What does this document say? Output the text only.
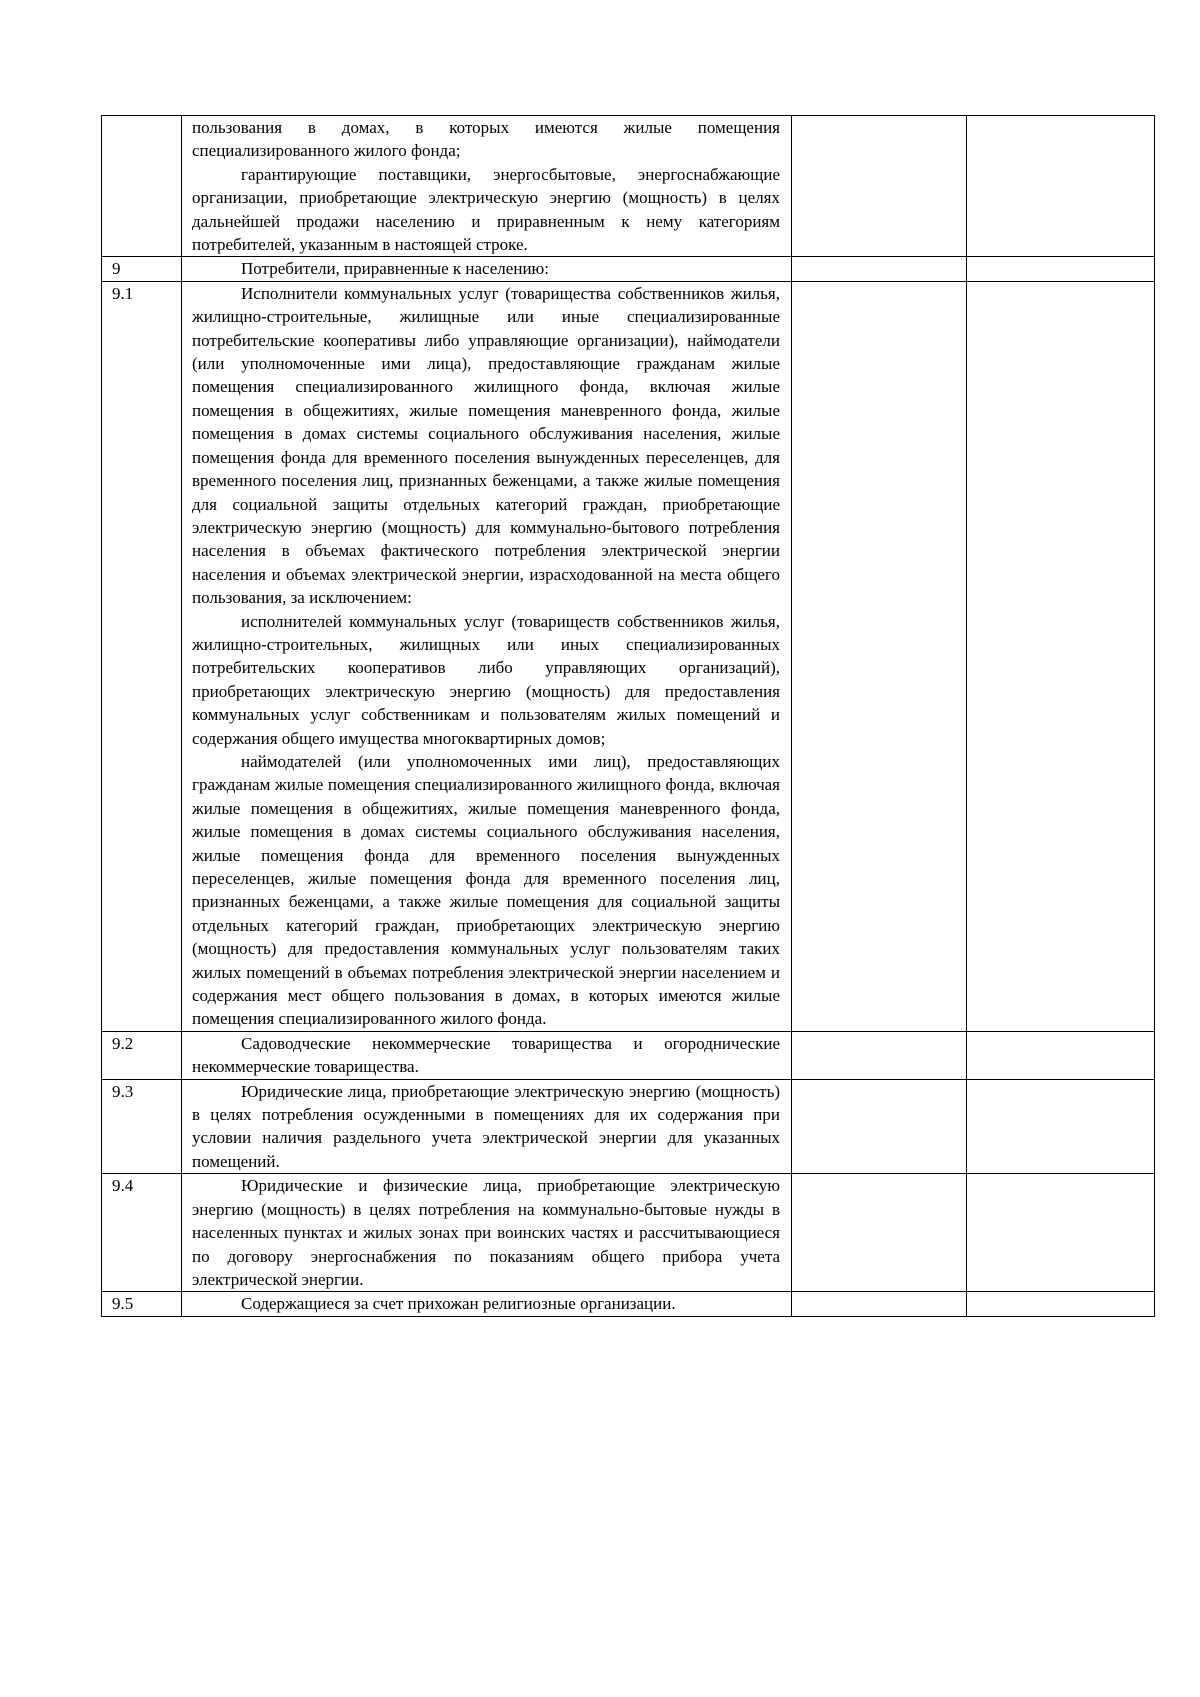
	пользования в домах, в которых имеются жилые помещения специализированного жилого фонда;

гарантирующие поставщики, энергосбытовые, энергоснабжающие организации, приобретающие электрическую энергию (мощность) в целях дальнейшей продажи населению и приравненным к нему категориям потребителей, указанным в настоящей строке.		

9	Потребители, приравненные к населению:		

9.1	Исполнители коммунальных услуг (товарищества собственников жилья, жилищно-строительные, жилищные или иные специализированные потребительские кооперативы либо управляющие организации), наймодатели (или уполномоченные ими лица), предоставляющие гражданам жилые помещения специализированного жилищного фонда, включая жилые помещения в общежитиях, жилые помещения маневренного фонда, жилые помещения в домах системы социального обслуживания населения, жилые помещения фонда для временного поселения вынужденных переселенцев, для временного поселения лиц, признанных беженцами, а также жилые помещения для социальной защиты отдельных категорий граждан, приобретающие электрическую энергию (мощность) для коммунально-бытового потребления населения в объемах фактического потребления электрической энергии населения и объемах электрической энергии, израсходованной на места общего пользования, за исключением:

исполнителей коммунальных услуг (товариществ собственников жилья, жилищно-строительных, жилищных или иных специализированных потребительских кооперативов либо управляющих организаций), приобретающих электрическую энергию (мощность) для предоставления коммунальных услуг собственникам и пользователям жилых помещений и содержания общего имущества многоквартирных домов;

наймодателей (или уполномоченных ими лиц), предоставляющих гражданам жилые помещения специализированного жилищного фонда, включая жилые помещения в общежитиях, жилые помещения маневренного фонда, жилые помещения в домах системы социального обслуживания населения, жилые помещения фонда для временного поселения вынужденных переселенцев, жилые помещения фонда для временного поселения лиц, признанных беженцами, а также жилые помещения для социальной защиты отдельных категорий граждан, приобретающих электрическую энергию (мощность) для предоставления коммунальных услуг пользователям таких жилых помещений в объемах потребления электрической энергии населением и содержания мест общего пользования в домах, в которых имеются жилые помещения специализированного жилого фонда.		

9.2	Садоводческие некоммерческие товарищества и огороднические некоммерческие товарищества.		

9.3	Юридические лица, приобретающие электрическую энергию (мощность) в целях потребления осужденными в помещениях для их содержания при условии наличия раздельного учета электрической энергии для указанных помещений.		

9.4	Юридические и физические лица, приобретающие электрическую энергию (мощность) в целях потребления на коммунально-бытовые нужды в населенных пунктах и жилых зонах при воинских частях и рассчитывающиеся по договору энергоснабжения по показаниям общего прибора учета электрической энергии.		

9.5	Содержащиеся за счет прихожан религиозные организации.		
